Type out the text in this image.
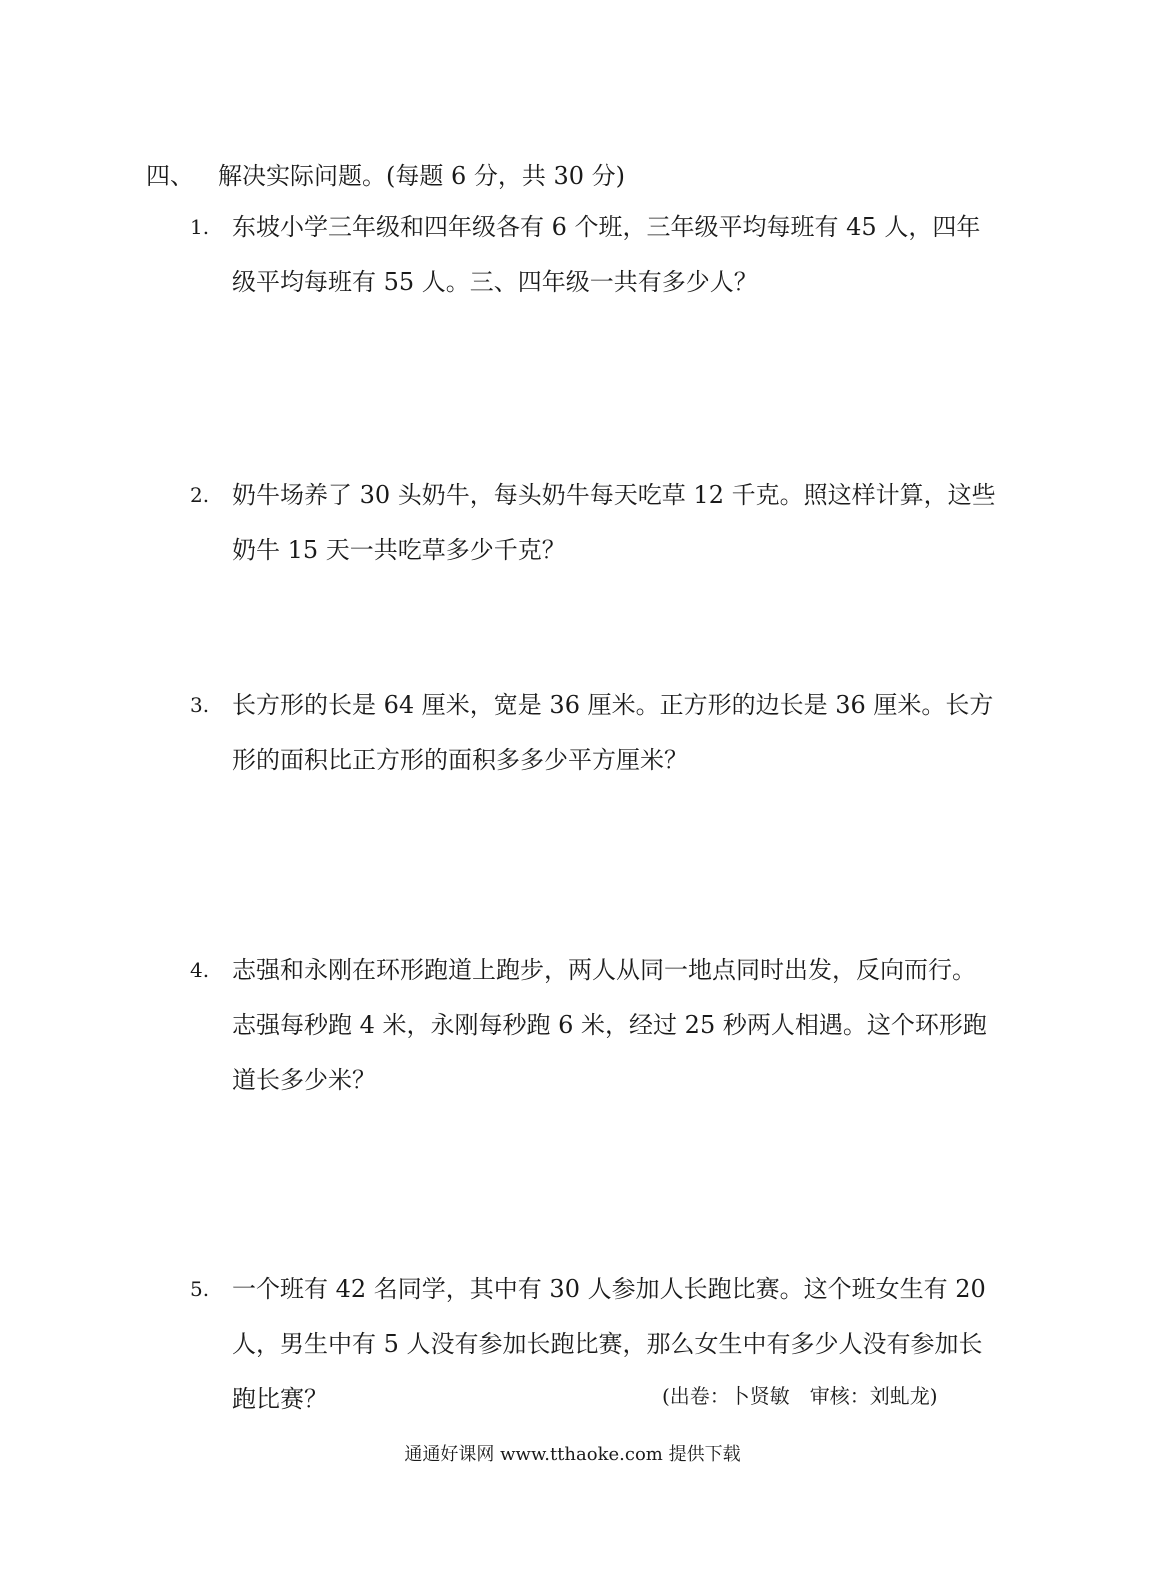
四、 解决实际问题。(每题 6 分，共 30 分)
1. 东坡小学三年级和四年级各有 6 个班，三年级平均每班有 45 人，四年
级平均每班有 55 人。三、四年级一共有多少人？
2. 奶牛场养了 30 头奶牛，每头奶牛每天吃草 12 千克。照这样计算，这些
奶牛 15 天一共吃草多少千克？
3. 长方形的长是 64 厘米，宽是 36 厘米。正方形的边长是 36 厘米。长方
形的面积比正方形的面积多多少平方厘米？
4. 志强和永刚在环形跑道上跑步，两人从同一地点同时出发，反向而行。
志强每秒跑 4 米，永刚每秒跑 6 米，经过 25 秒两人相遇。这个环形跑
道长多少米？
5. 一个班有 42 名同学，其中有 30 人参加人长跑比赛。这个班女生有 20
人，男生中有 5 人没有参加长跑比赛，那么女生中有多少人没有参加长
跑比赛？	(出卷：卜贤敏　审核：刘虬龙)
通通好课网 www.tthaoke.com 提供下载
